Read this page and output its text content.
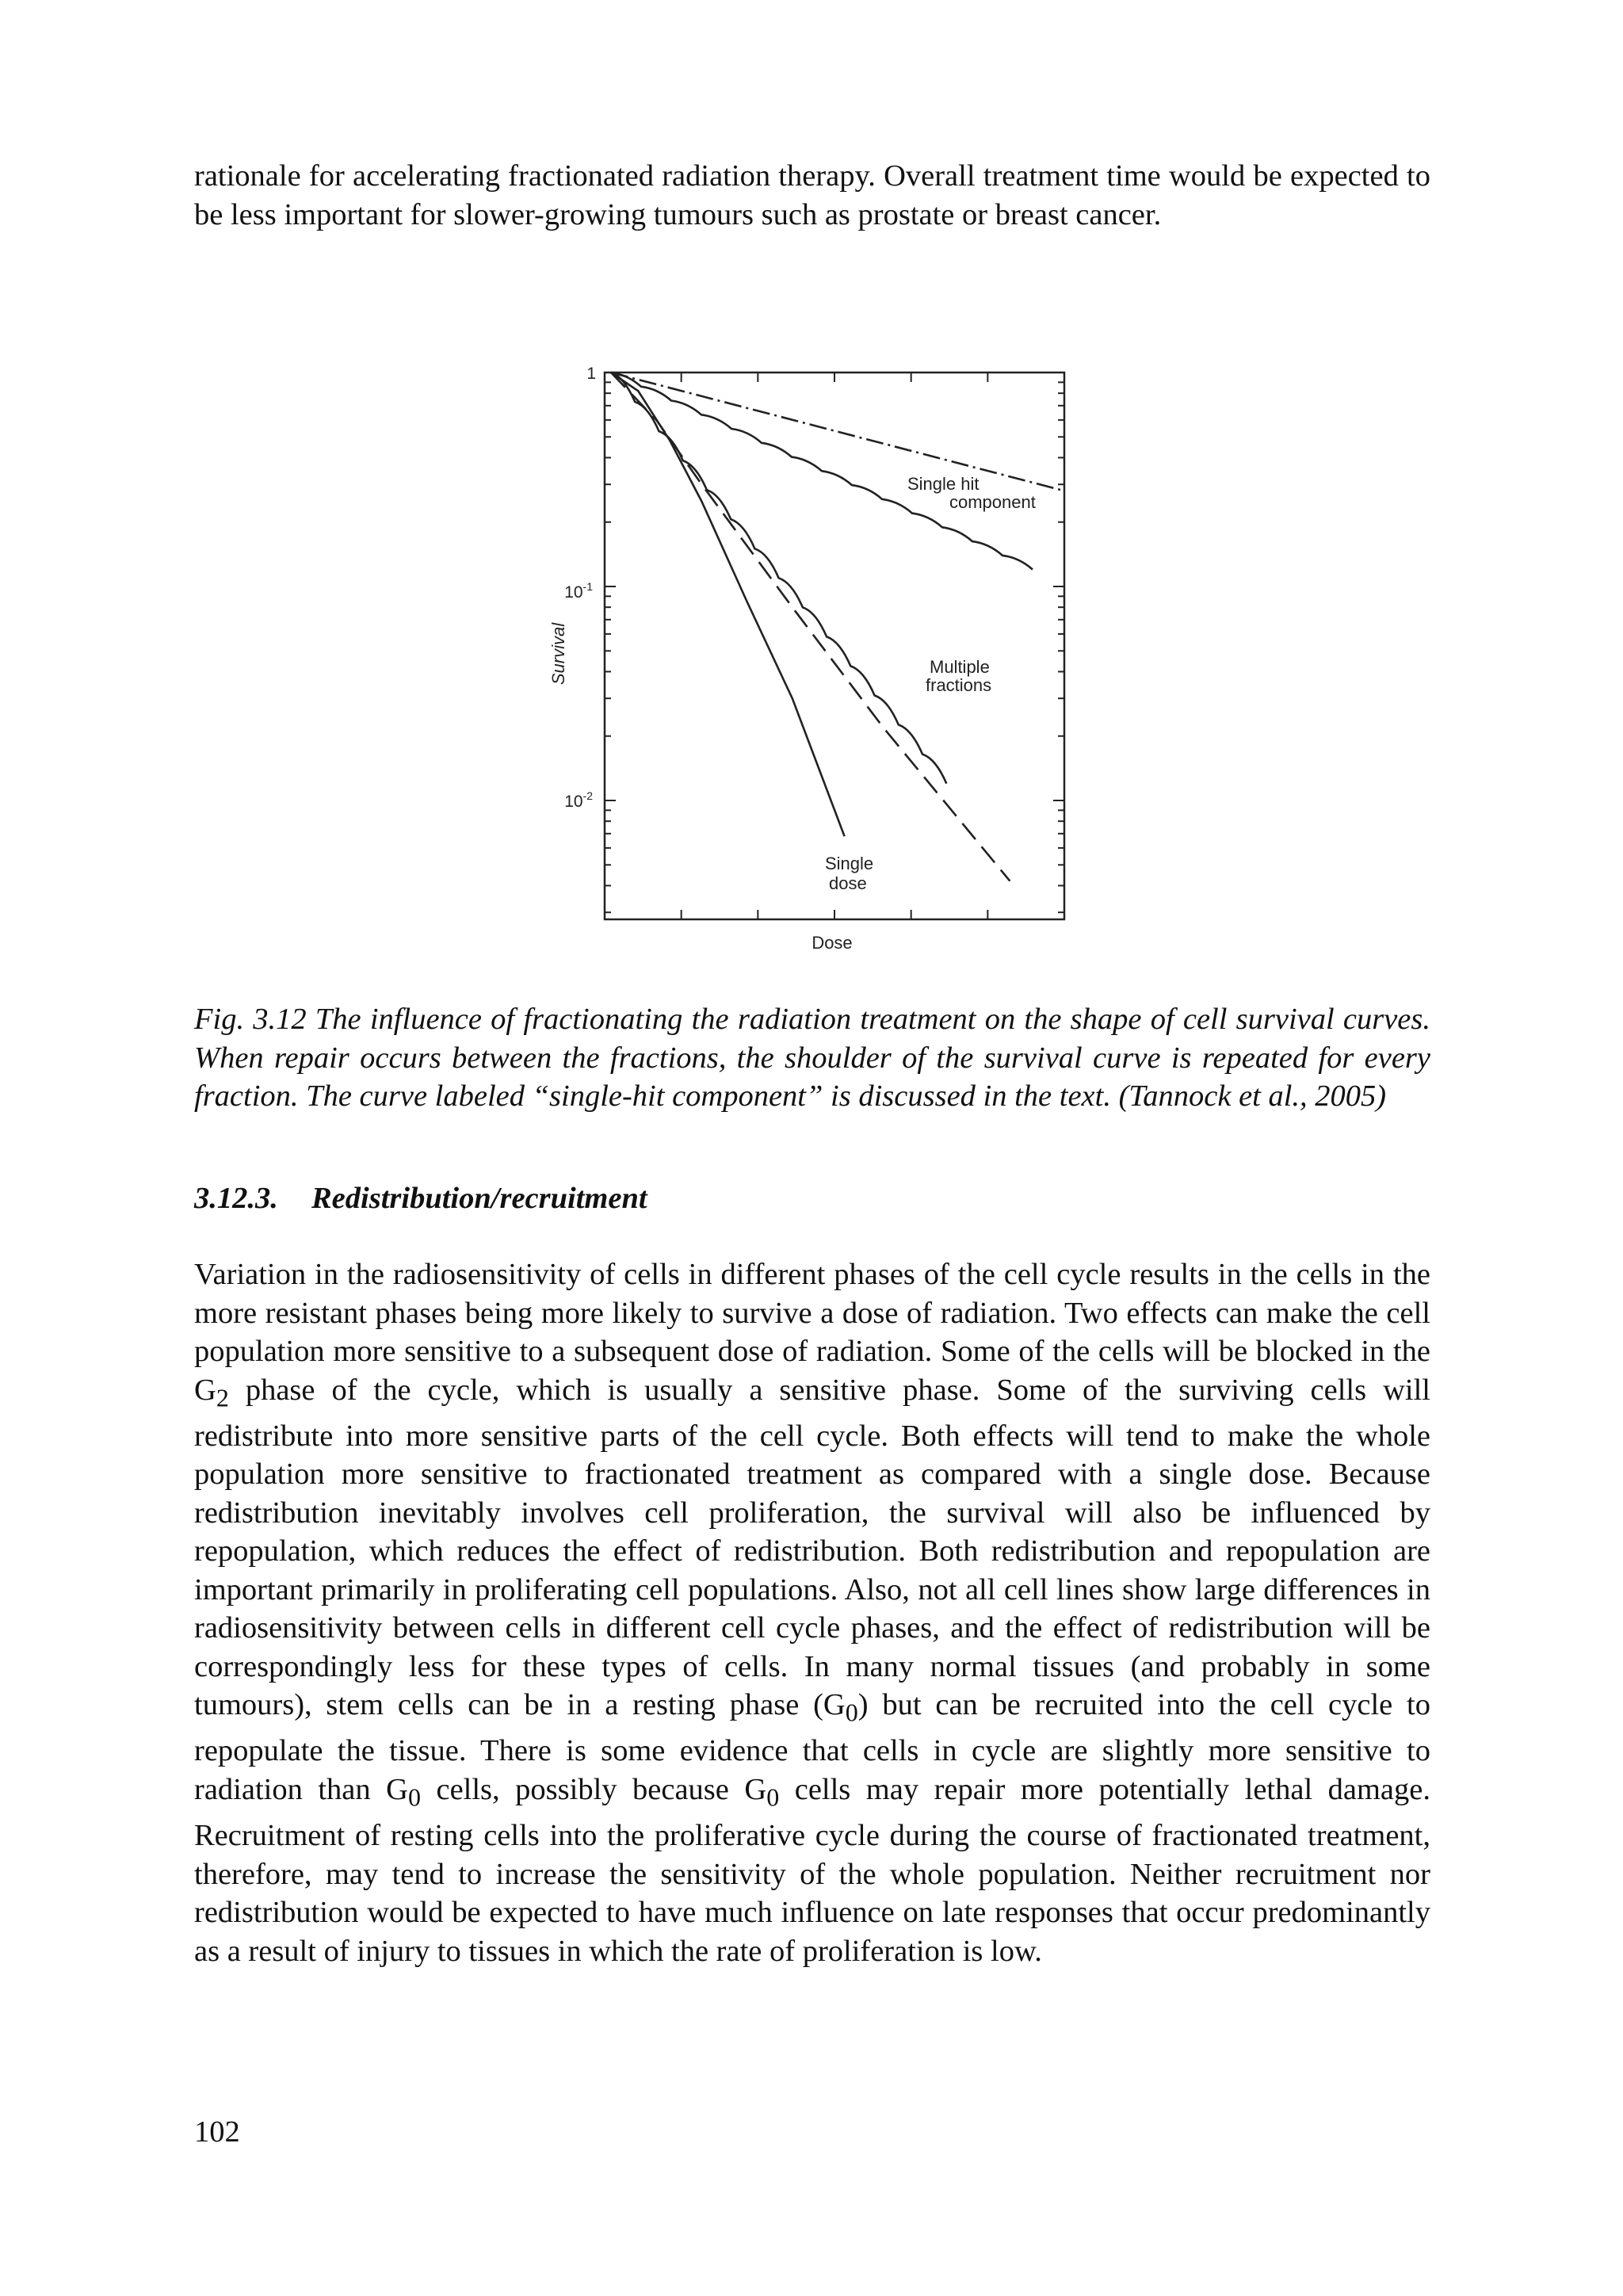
rationale for accelerating fractionated radiation therapy. Overall treatment time would be expected to be less important for slower-growing tumours such as prostate or breast cancer.

1
$10^{-1}$
$10^{-2}$
Survival
Dose
Single hit component
Multiple fractions
Single dose

Fig. 3.12 The influence of fractionating the radiation treatment on the shape of cell survival curves. When repair occurs between the fractions, the shoulder of the survival curve is repeated for every fraction. The curve labeled “single-hit component” is discussed in the text. (Tannock et al., 2005)

3.12.3. Redistribution/recruitment

Variation in the radiosensitivity of cells in different phases of the cell cycle results in the cells in the more resistant phases being more likely to survive a dose of radiation. Two effects can make the cell population more sensitive to a subsequent dose of radiation. Some of the cells will be blocked in the $G_2$ phase of the cycle, which is usually a sensitive phase. Some of the surviving cells will redistribute into more sensitive parts of the cell cycle. Both effects will tend to make the whole population more sensitive to fractionated treatment as compared with a single dose. Because redistribution inevitably involves cell proliferation, the survival will also be influenced by repopulation, which reduces the effect of redistribution. Both redistribution and repopulation are important primarily in proliferating cell populations. Also, not all cell lines show large differences in radiosensitivity between cells in different cell cycle phases, and the effect of redistribution will be correspondingly less for these types of cells. In many normal tissues (and probably in some tumours), stem cells can be in a resting phase $(G_0)$ but can be recruited into the cell cycle to repopulate the tissue. There is some evidence that cells in cycle are slightly more sensitive to radiation than $G_0$ cells, possibly because $G_0$ cells may repair more potentially lethal damage. Recruitment of resting cells into the proliferative cycle during the course of fractionated treatment, therefore, may tend to increase the sensitivity of the whole population. Neither recruitment nor redistribution would be expected to have much influence on late responses that occur predominantly as a result of injury to tissues in which the rate of proliferation is low.

102
